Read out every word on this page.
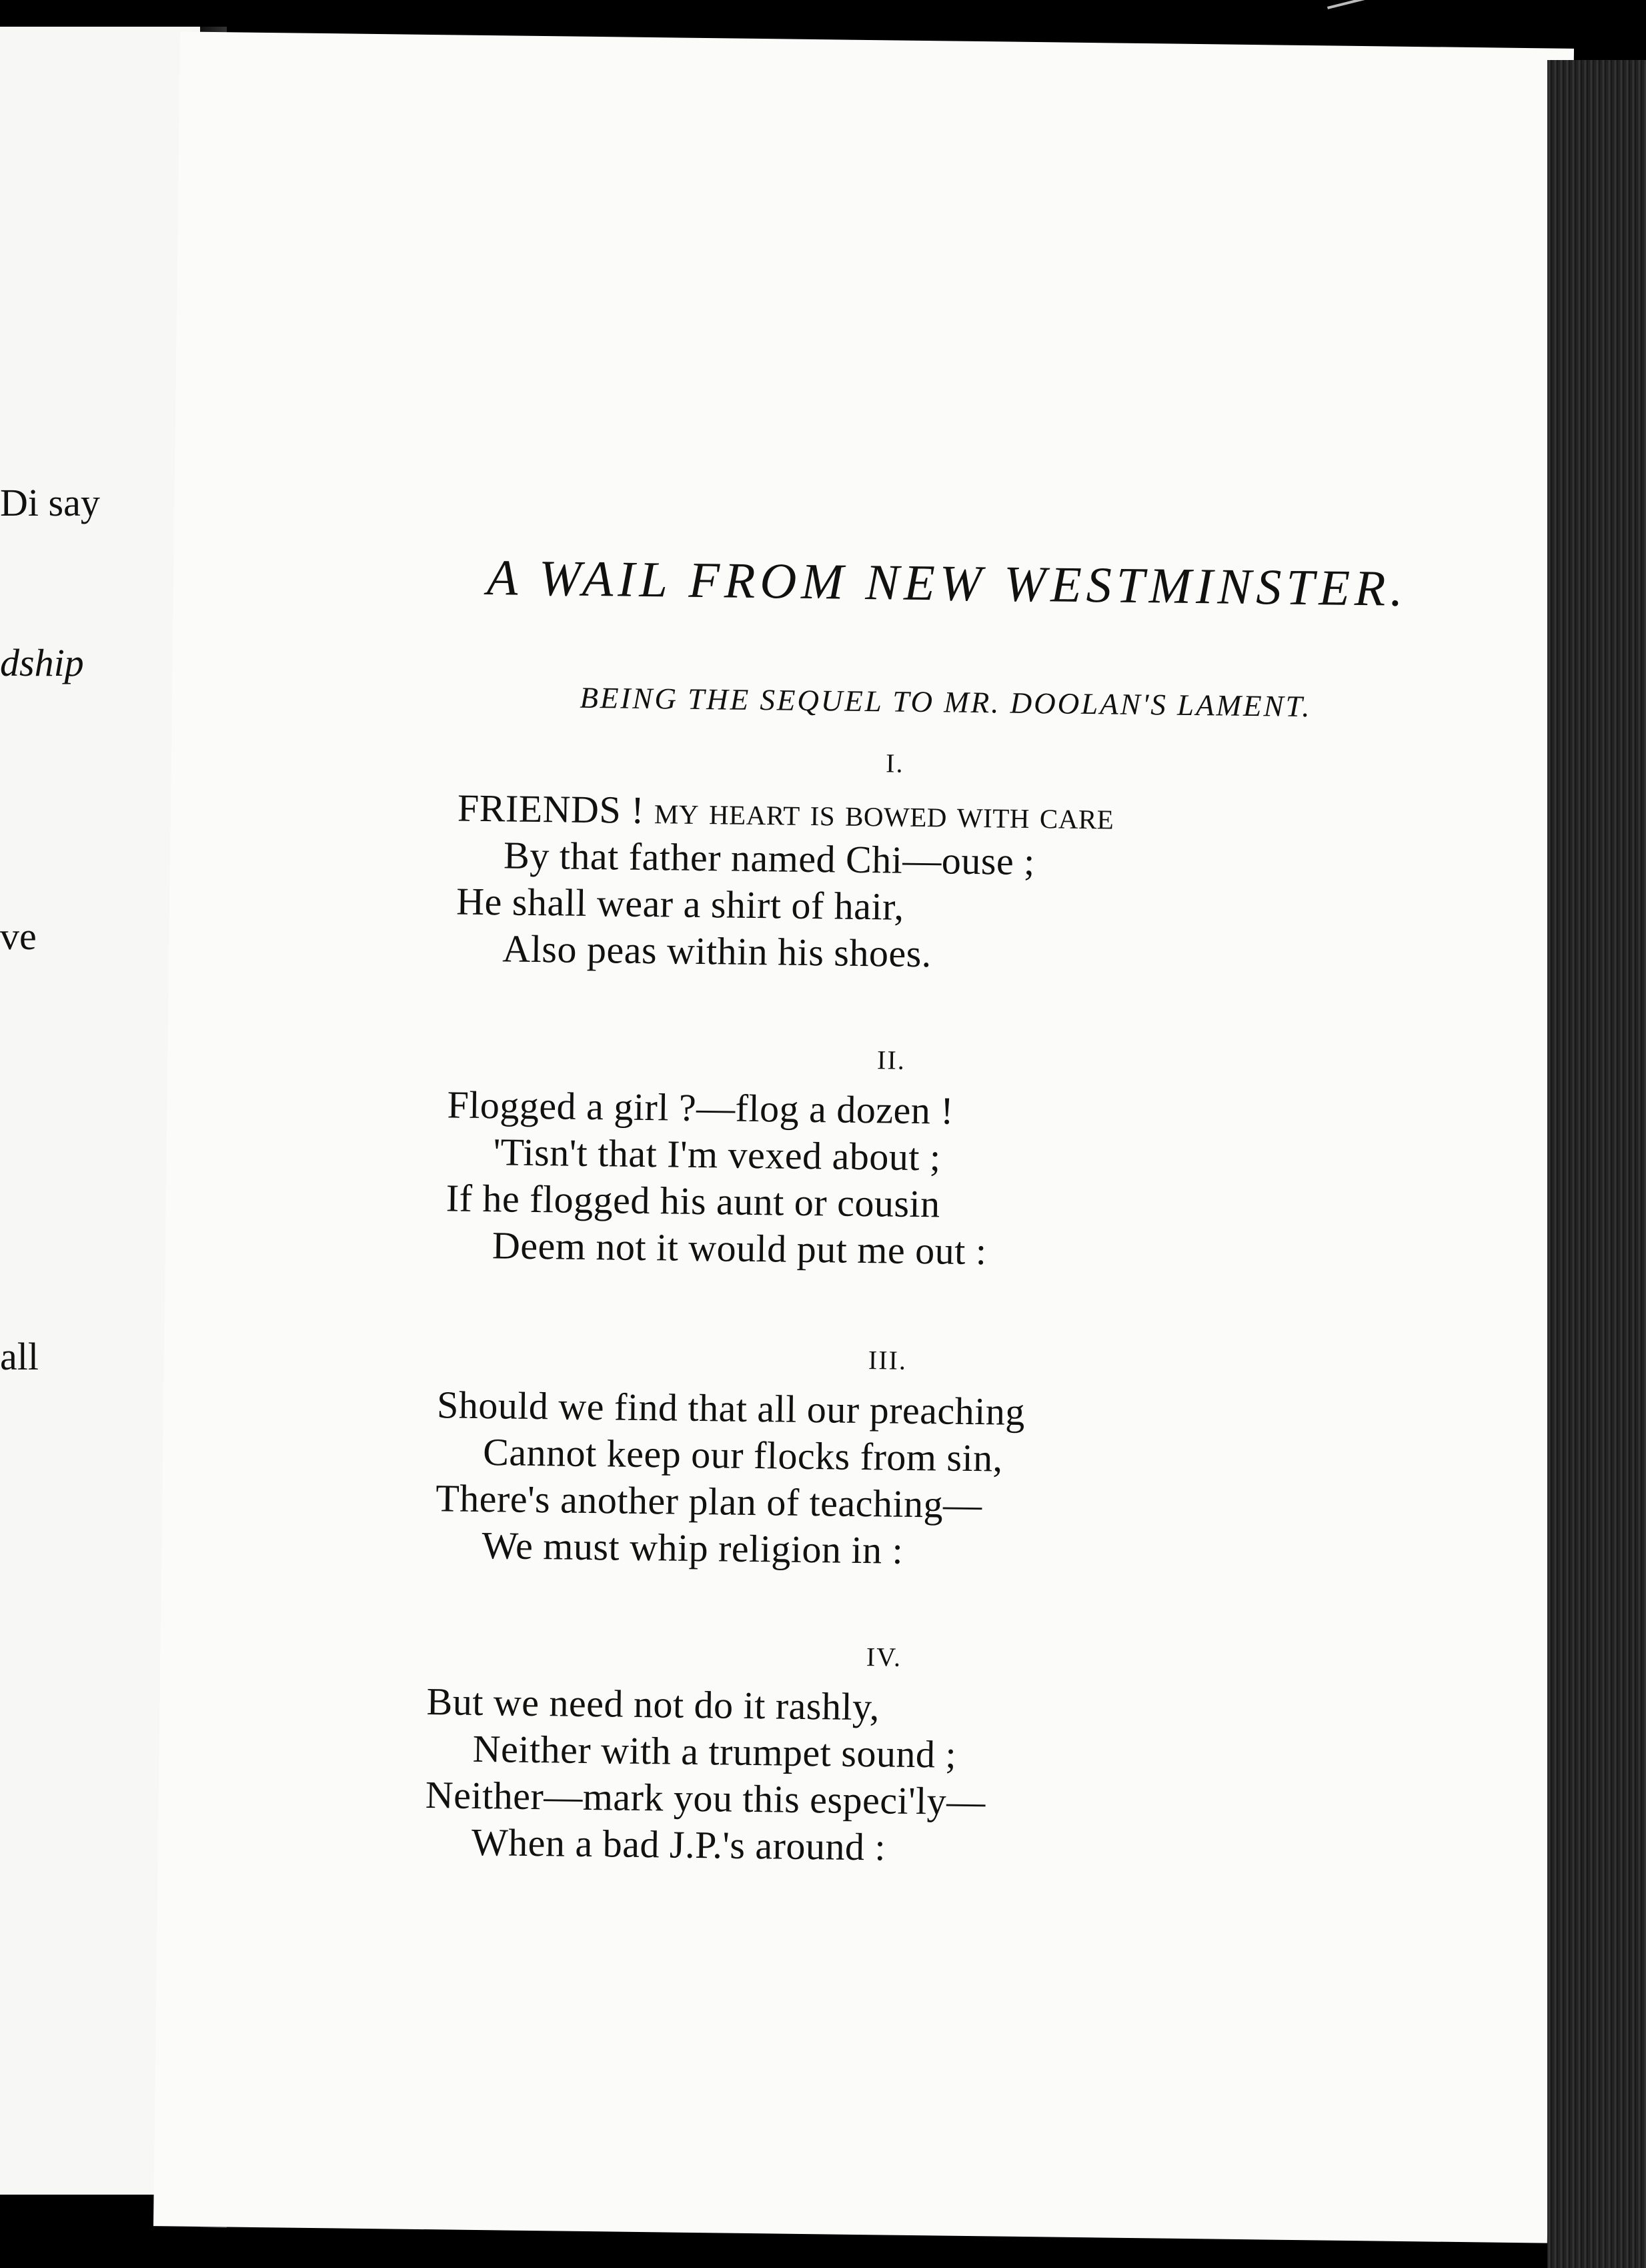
Di say
dship
ve
all
A WAIL FROM NEW WESTMINSTER.
BEING THE SEQUEL TO MR. DOOLAN'S LAMENT.
I.
FRIENDS ! my heart is bowed with care
By that father named Chi—ouse ;
He shall wear a shirt of hair,
Also peas within his shoes.
II.
Flogged a girl ?—flog a dozen !
'Tisn't that I'm vexed about ;
If he flogged his aunt or cousin
Deem not it would put me out :
III.
Should we find that all our preaching
Cannot keep our flocks from sin,
There's another plan of teaching—
We must whip religion in :
IV.
But we need not do it rashly,
Neither with a trumpet sound ;
Neither—mark you this especi'ly—
When a bad J.P.'s around :
